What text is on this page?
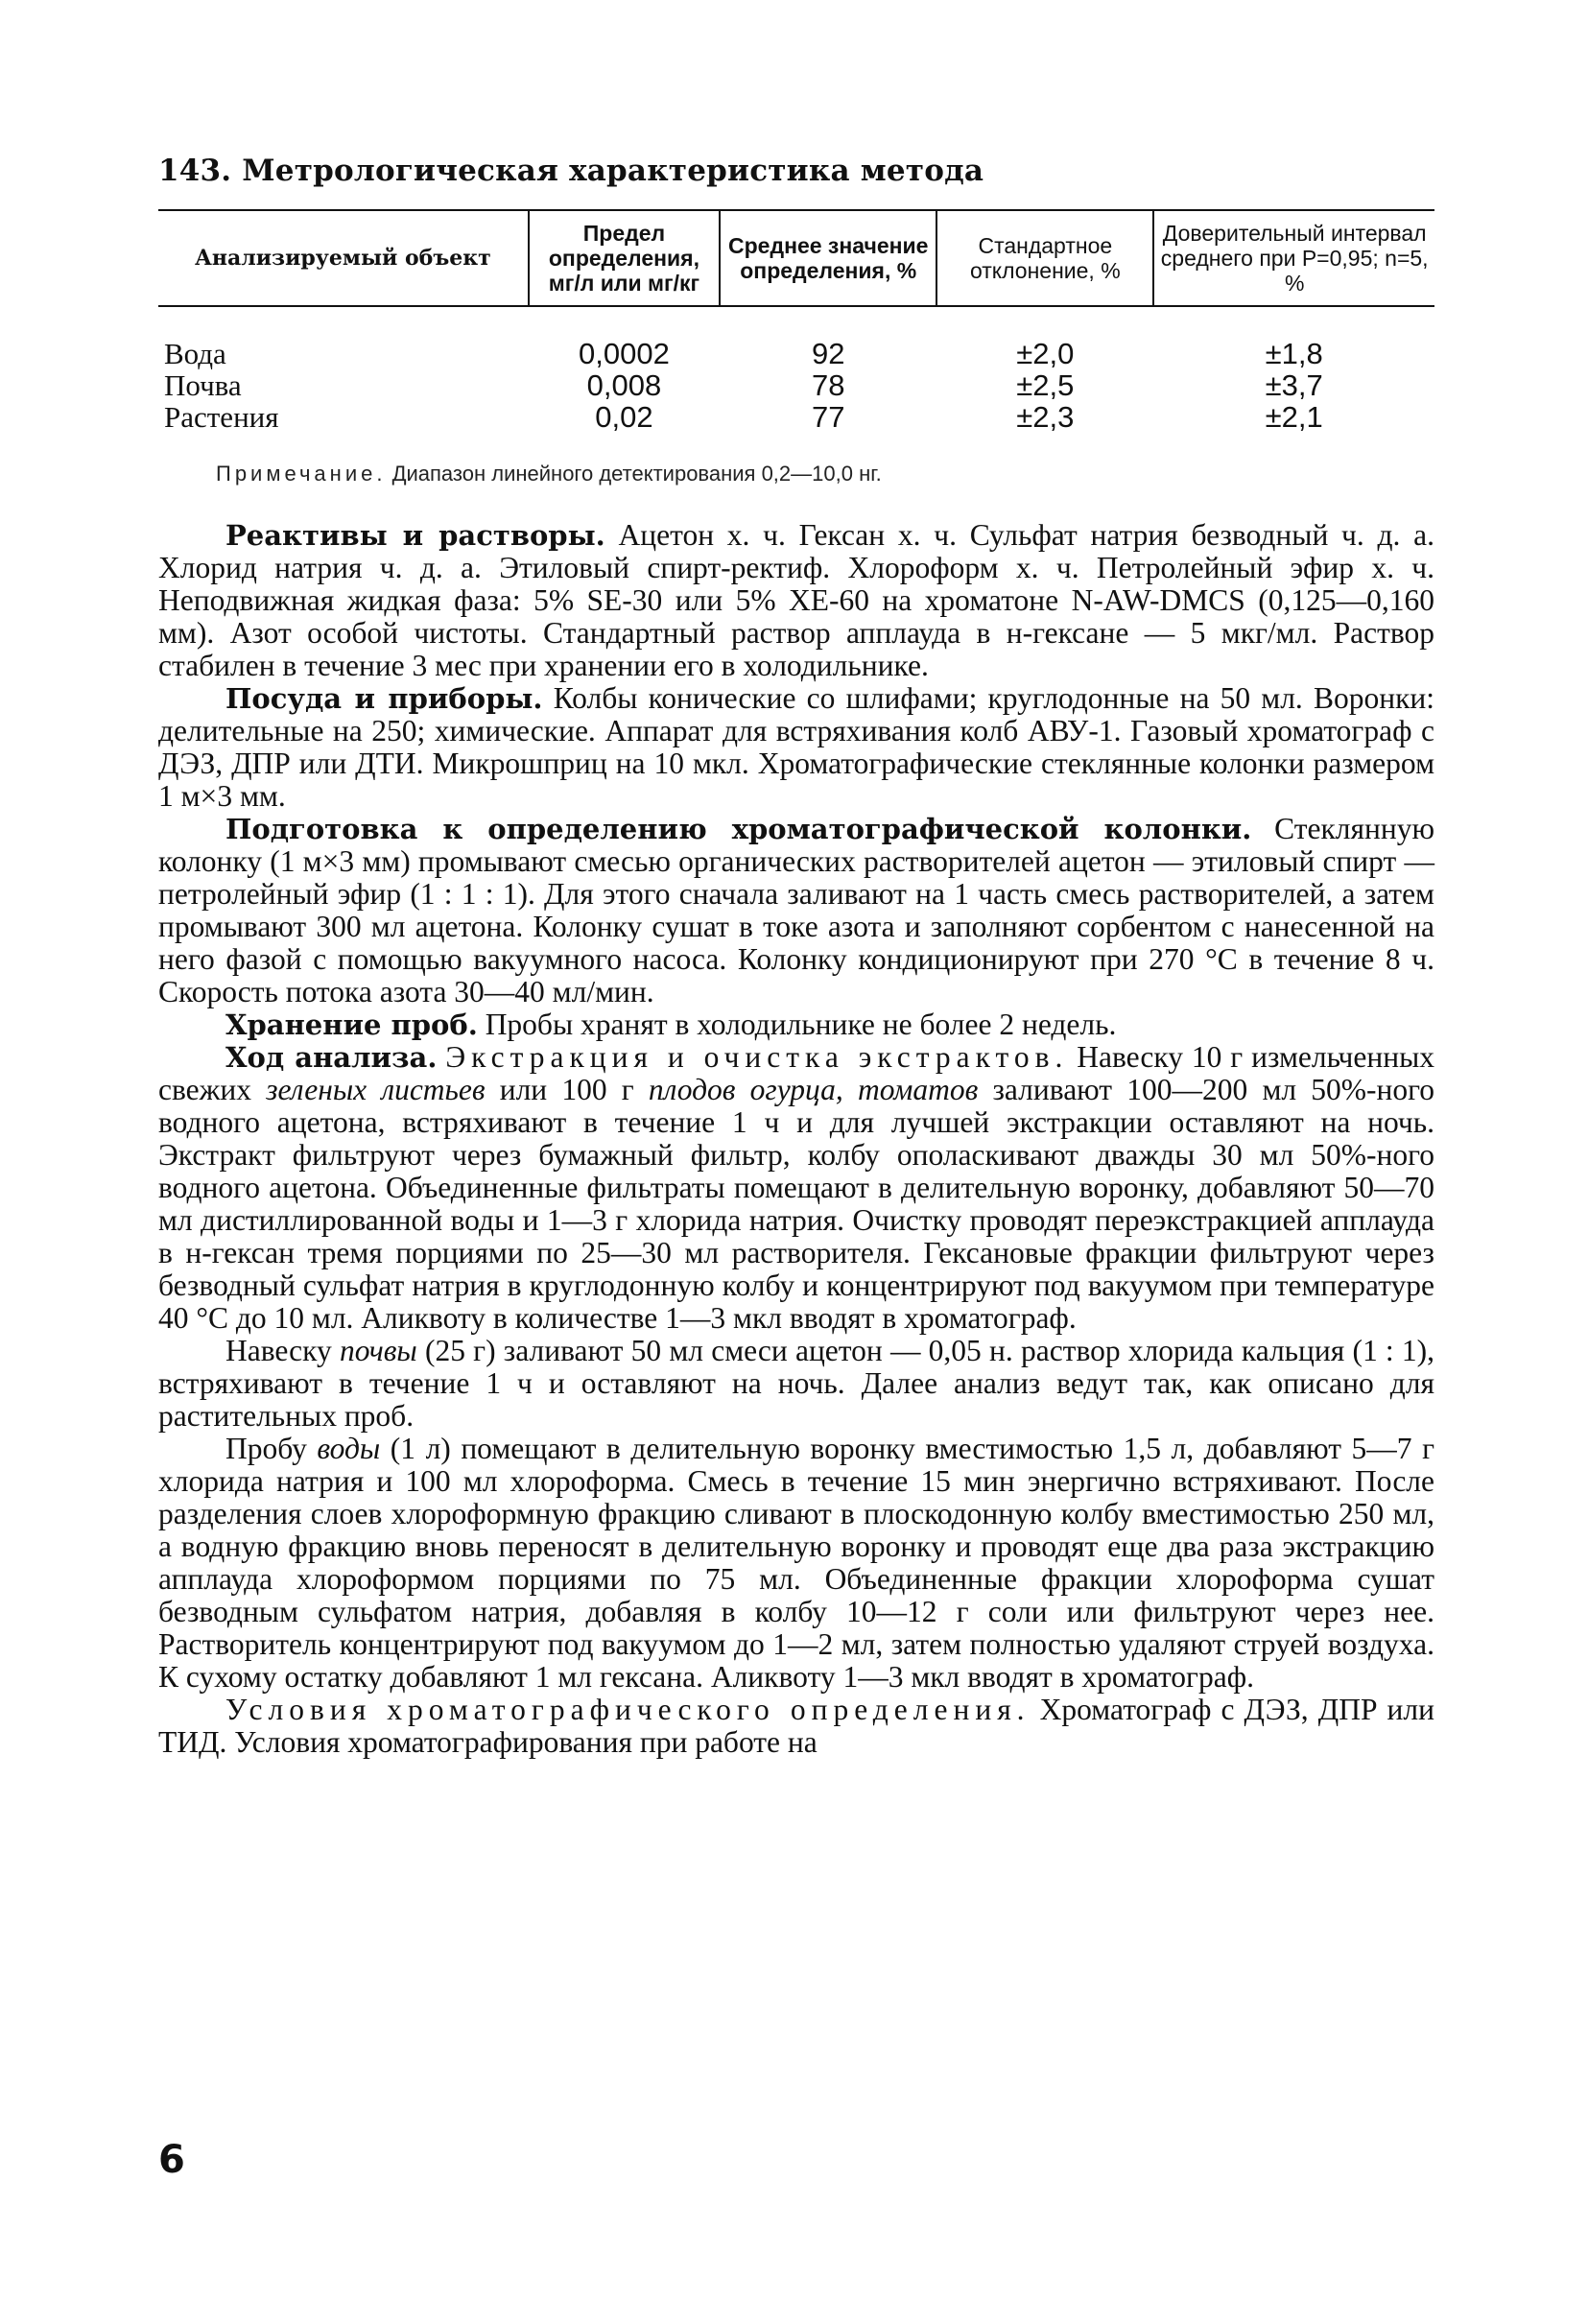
143. Метрологическая характеристика метода
Анализируемый объект	Предел определения, мг/л или мг/кг	Среднее значение определения, %	Стандартное отклонение, %	Доверительный интервал среднего при P=0,95; n=5, %
Вода	0,0002	92	±2,0	±1,8
Почва	0,008	78	±2,5	±3,7
Растения	0,02	77	±2,3	±2,1
Примечание. Диапазон линейного детектирования 0,2—10,0 нг.

Реактивы и растворы. Ацетон х. ч. Гексан х. ч. Сульфат натрия безводный ч. д. а. Хлорид натрия ч. д. а. Этиловый спирт-ректиф. Хлороформ х. ч. Петролейный эфир х. ч. Неподвижная жидкая фаза: 5% SE-30 или 5% XE-60 на хроматоне N-AW-DMCS (0,125—0,160 мм). Азот особой чистоты. Стандартный раствор апплауда в н-гексане — 5 мкг/мл. Раствор стабилен в течение 3 мес при хранении его в холодильнике.

Посуда и приборы. Колбы конические со шлифами; круглодонные на 50 мл. Воронки: делительные на 250; химические. Аппарат для встряхивания колб АВУ-1. Газовый хроматограф с ДЭЗ, ДПР или ДТИ. Микрошприц на 10 мкл. Хроматографические стеклянные колонки размером 1 м×3 мм.

Подготовка к определению хроматографической колонки. Стеклянную колонку (1 м×3 мм) промывают смесью органических растворителей ацетон — этиловый спирт — петролейный эфир (1 : 1 : 1). Для этого сначала заливают на 1 часть смесь растворителей, а затем промывают 300 мл ацетона. Колонку сушат в токе азота и заполняют сорбентом с нанесенной на него фазой с помощью вакуумного насоса. Колонку кондиционируют при 270 °С в течение 8 ч. Скорость потока азота 30—40 мл/мин.

Хранение проб. Пробы хранят в холодильнике не более 2 недель.

Ход анализа. Экстракция и очистка экстрактов. Навеску 10 г измельченных свежих зеленых листьев или 100 г плодов огурца, томатов заливают 100—200 мл 50%-ного водного ацетона, встряхивают в течение 1 ч и для лучшей экстракции оставляют на ночь. Экстракт фильтруют через бумажный фильтр, колбу ополаскивают дважды 30 мл 50%-ного водного ацетона. Объединенные фильтраты помещают в делительную воронку, добавляют 50—70 мл дистиллированной воды и 1—3 г хлорида натрия. Очистку проводят переэкстракцией апплауда в н-гексан тремя порциями по 25—30 мл растворителя. Гексановые фракции фильтруют через безводный сульфат натрия в круглодонную колбу и концентрируют под вакуумом при температуре 40 °С до 10 мл. Аликвоту в количестве 1—3 мкл вводят в хроматограф.

Навеску почвы (25 г) заливают 50 мл смеси ацетон — 0,05 н. раствор хлорида кальция (1 : 1), встряхивают в течение 1 ч и оставляют на ночь. Далее анализ ведут так, как описано для растительных проб.

Пробу воды (1 л) помещают в делительную воронку вместимостью 1,5 л, добавляют 5—7 г хлорида натрия и 100 мл хлороформа. Смесь в течение 15 мин энергично встряхивают. После разделения слоев хлороформную фракцию сливают в плоскодонную колбу вместимостью 250 мл, а водную фракцию вновь переносят в делительную воронку и проводят еще два раза экстракцию апплауда хлороформом порциями по 75 мл. Объединенные фракции хлороформа сушат безводным сульфатом натрия, добавляя в колбу 10—12 г соли или фильтруют через нее. Растворитель концентрируют под вакуумом до 1—2 мл, затем полностью удаляют струей воздуха. К сухому остатку добавляют 1 мл гексана. Аликвоту 1—3 мкл вводят в хроматограф.

Условия хроматографического определения. Хроматограф с ДЭЗ, ДПР или ТИД. Условия хроматографирования при работе на

6
